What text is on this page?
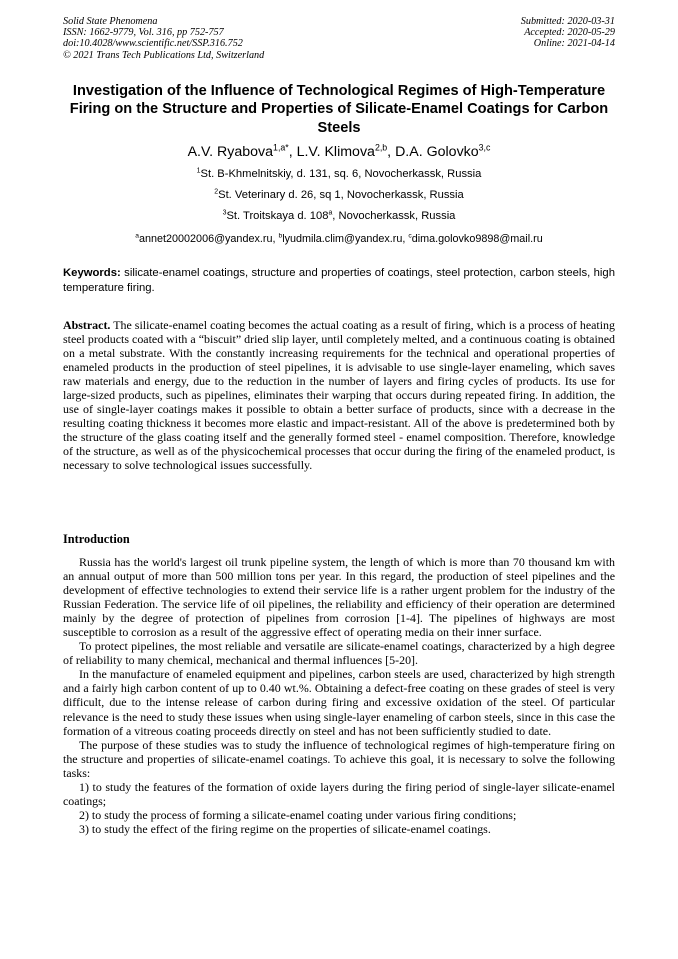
Solid State Phenomena
ISSN: 1662-9779, Vol. 316, pp 752-757
doi:10.4028/www.scientific.net/SSP.316.752
© 2021 Trans Tech Publications Ltd, Switzerland
Submitted: 2020-03-31
Accepted: 2020-05-29
Online: 2021-04-14
Investigation of the Influence of Technological Regimes of High-Temperature Firing on the Structure and Properties of Silicate-Enamel Coatings for Carbon Steels
A.V. Ryabova$^{1,a*}$, L.V. Klimova$^{2,b}$, D.A. Golovko$^{3,c}$
$^1$St. B-Khmelnitskiy, d. 131, sq. 6, Novocherkassk, Russia
$^2$St. Veterinary d. 26, sq 1, Novocherkassk, Russia
$^3$St. Troitskaya d. 108$^a$, Novocherkassk, Russia
$^a$annet20002006@yandex.ru, $^b$lyudmila.clim@yandex.ru, $^c$dima.golovko9898@mail.ru
Keywords: silicate-enamel coatings, structure and properties of coatings, steel protection, carbon steels, high temperature firing.
Abstract. The silicate-enamel coating becomes the actual coating as a result of firing, which is a process of heating steel products coated with a “biscuit” dried slip layer, until completely melted, and a continuous coating is obtained on a metal substrate. With the constantly increasing requirements for the technical and operational properties of enameled products in the production of steel pipelines, it is advisable to use single-layer enameling, which saves raw materials and energy, due to the reduction in the number of layers and firing cycles of products. Its use for large-sized products, such as pipelines, eliminates their warping that occurs during repeated firing. In addition, the use of single-layer coatings makes it possible to obtain a better surface of products, since with a decrease in the resulting coating thickness it becomes more elastic and impact-resistant. All of the above is predetermined both by the structure of the glass coating itself and the generally formed steel - enamel composition. Therefore, knowledge of the structure, as well as of the physicochemical processes that occur during the firing of the enameled product, is necessary to solve technological issues successfully.
Introduction

Russia has the world's largest oil trunk pipeline system, the length of which is more than 70 thousand km with an annual output of more than 500 million tons per year. In this regard, the production of steel pipelines and the development of effective technologies to extend their service life is a rather urgent problem for the industry of the Russian Federation. The service life of oil pipelines, the reliability and efficiency of their operation are determined mainly by the degree of protection of pipelines from corrosion [1-4]. The pipelines of highways are most susceptible to corrosion as a result of the aggressive effect of operating media on their inner surface.

To protect pipelines, the most reliable and versatile are silicate-enamel coatings, characterized by a high degree of reliability to many chemical, mechanical and thermal influences [5-20].

In the manufacture of enameled equipment and pipelines, carbon steels are used, characterized by high strength and a fairly high carbon content of up to 0.40 wt.%. Obtaining a defect-free coating on these grades of steel is very difficult, due to the intense release of carbon during firing and excessive oxidation of the steel. Of particular relevance is the need to study these issues when using single-layer enameling of carbon steels, since in this case the formation of a vitreous coating proceeds directly on steel and has not been sufficiently studied to date.

The purpose of these studies was to study the influence of technological regimes of high-temperature firing on the structure and properties of silicate-enamel coatings. To achieve this goal, it is necessary to solve the following tasks:

1) to study the features of the formation of oxide layers during the firing period of single-layer silicate-enamel coatings;

2) to study the process of forming a silicate-enamel coating under various firing conditions;

3) to study the effect of the firing regime on the properties of silicate-enamel coatings.
